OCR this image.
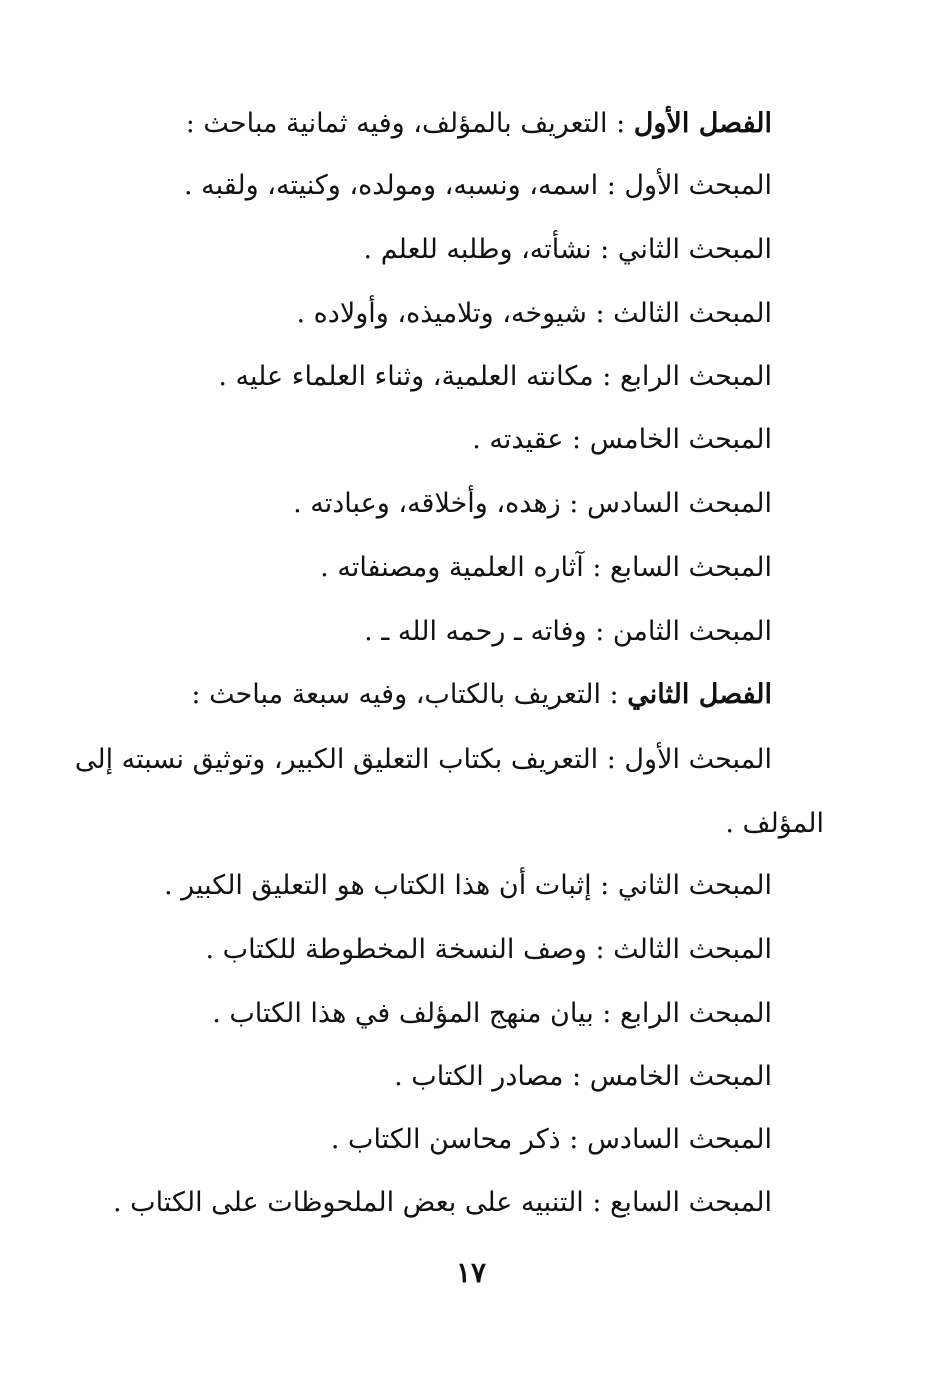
الفصل الأول : التعريف بالمؤلف، وفيه ثمانية مباحث :
المبحث الأول : اسمه، ونسبه، ومولده، وكنيته، ولقبه .
المبحث الثاني : نشأته، وطلبه للعلم .
المبحث الثالث : شيوخه، وتلاميذه، وأولاده .
المبحث الرابع : مكانته العلمية، وثناء العلماء عليه .
المبحث الخامس : عقيدته .
المبحث السادس : زهده، وأخلاقه، وعبادته .
المبحث السابع : آثاره العلمية ومصنفاته .
المبحث الثامن : وفاته ـ رحمه الله ـ .
الفصل الثاني : التعريف بالكتاب، وفيه سبعة مباحث :
المبحث الأول : التعريف بكتاب التعليق الكبير، وتوثيق نسبته إلى
المؤلف .
المبحث الثاني : إثبات أن هذا الكتاب هو التعليق الكبير .
المبحث الثالث : وصف النسخة المخطوطة للكتاب .
المبحث الرابع : بيان منهج المؤلف في هذا الكتاب .
المبحث الخامس : مصادر الكتاب .
المبحث السادس : ذكر محاسن الكتاب .
المبحث السابع : التنبيه على بعض الملحوظات على الكتاب .
١٧
